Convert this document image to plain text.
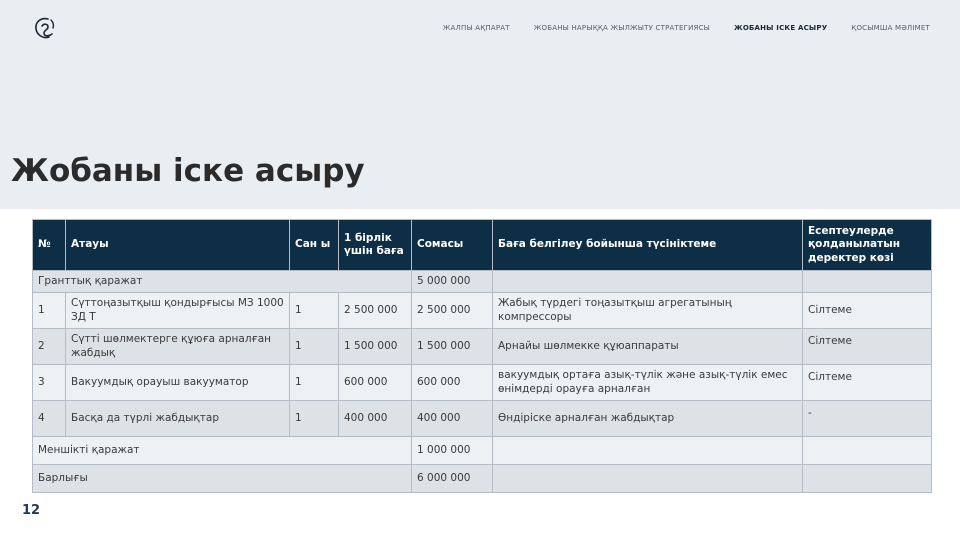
ЖАЛПЫ АҚПАРАТ	ЖОБАНЫ НАРЫҚҚА ЖЫЛЖЫТУ СТРАТЕГИЯСЫ	ЖОБАНЫ ІСКЕ АСЫРУ	ҚОСЫМША МӘЛІМЕТ
Жобаны іске асыру
№	Атауы	Сан ы	1 бірлік үшін баға	Сомасы	Баға белгілеу бойынша түсініктеме	Есептеулерде қолданылатын деректер көзі
Гранттық қаражат				5 000 000		
1	Сүттоңазытқыш қондырғысы МЗ 1000 ЗД Т	1	2 500 000	2 500 000	Жабық түрдегі тоңазытқыш агрегатының компрессоры	Сілтеме
2	Сүтті шөлмектерге құюға арналған жабдық	1	1 500 000	1 500 000	Арнайы шөлмекке құюаппараты	Сілтеме
3	Вакуумдық орауыш вакууматор	1	600 000	600 000	вакуумдық ортаға азық-түлік және азық-түлік емес өнімдерді орауға арналған	Сілтеме
4	Басқа да түрлі жабдықтар	1	400 000	400 000	Өндіріске арналған жабдықтар	-
Меншікті қаражат				1 000 000		
Барлығы				6 000 000		
12
